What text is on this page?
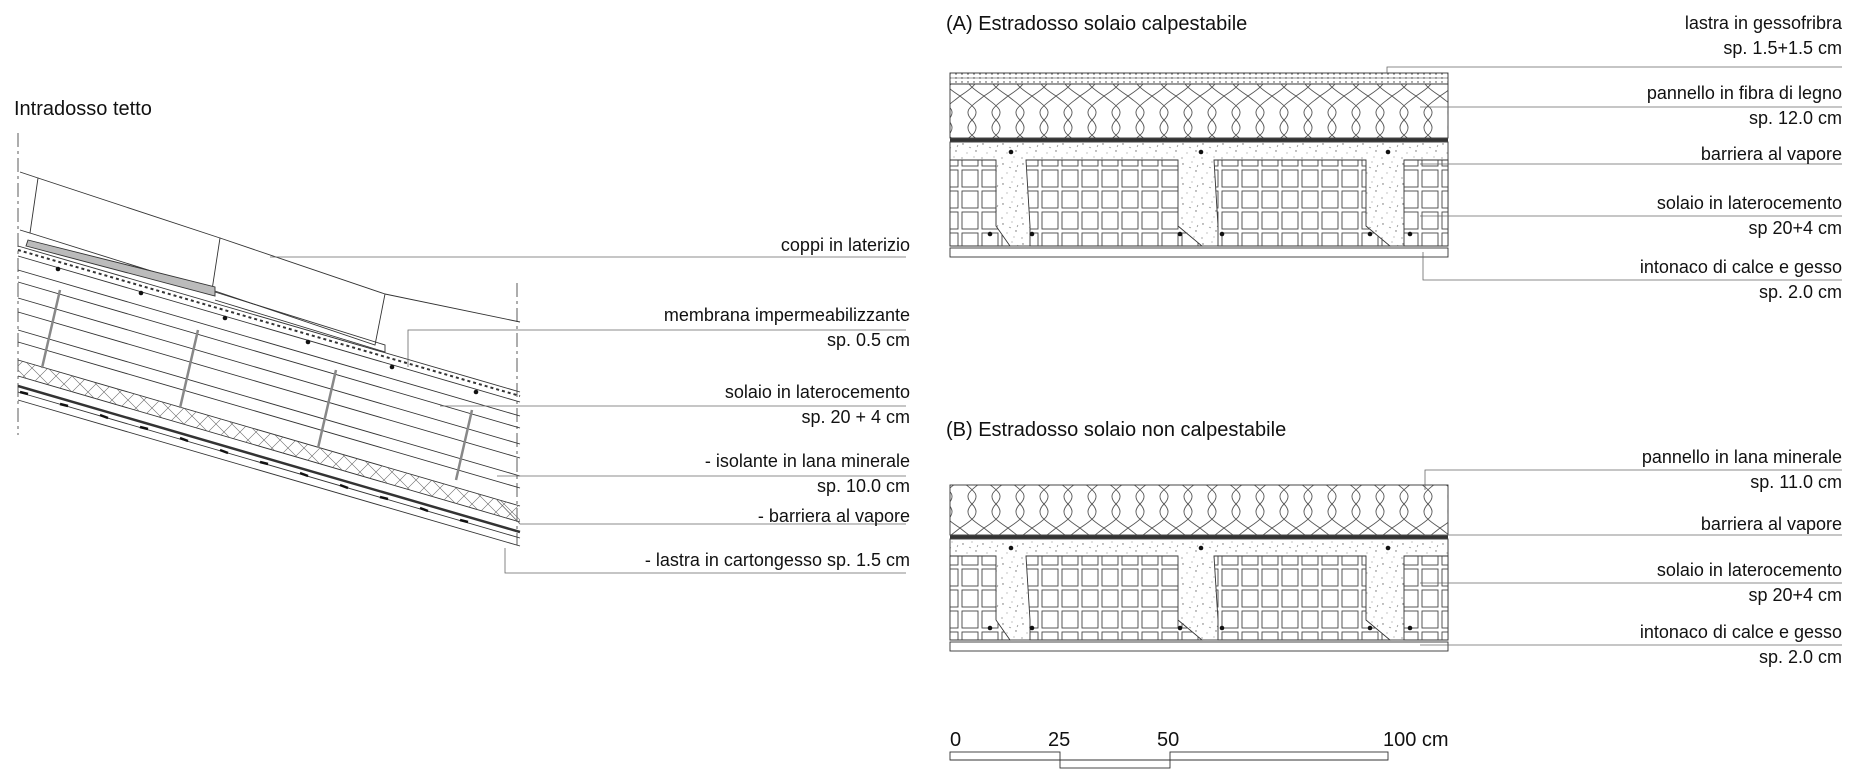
Intradosso tetto
coppi in laterizio
membrana impermeabilizzante
sp. 0.5 cm
solaio in laterocemento
sp. 20 + 4 cm
- isolante in lana minerale
sp. 10.0 cm
- barriera al vapore
- lastra in cartongesso sp. 1.5 cm
(A) Estradosso solaio calpestabile	lastra in gessofribra
sp. 1.5+1.5 cm
pannello in fibra di legno
sp. 12.0 cm
barriera al vapore
solaio in laterocemento
sp 20+4 cm
intonaco di calce e gesso
sp. 2.0 cm
(B) Estradosso solaio non calpestabile
pannello in lana minerale
sp. 11.0 cm
barriera al vapore
solaio in laterocemento
sp 20+4 cm
intonaco di calce e gesso
sp. 2.0 cm
0	25	50	100 cm
